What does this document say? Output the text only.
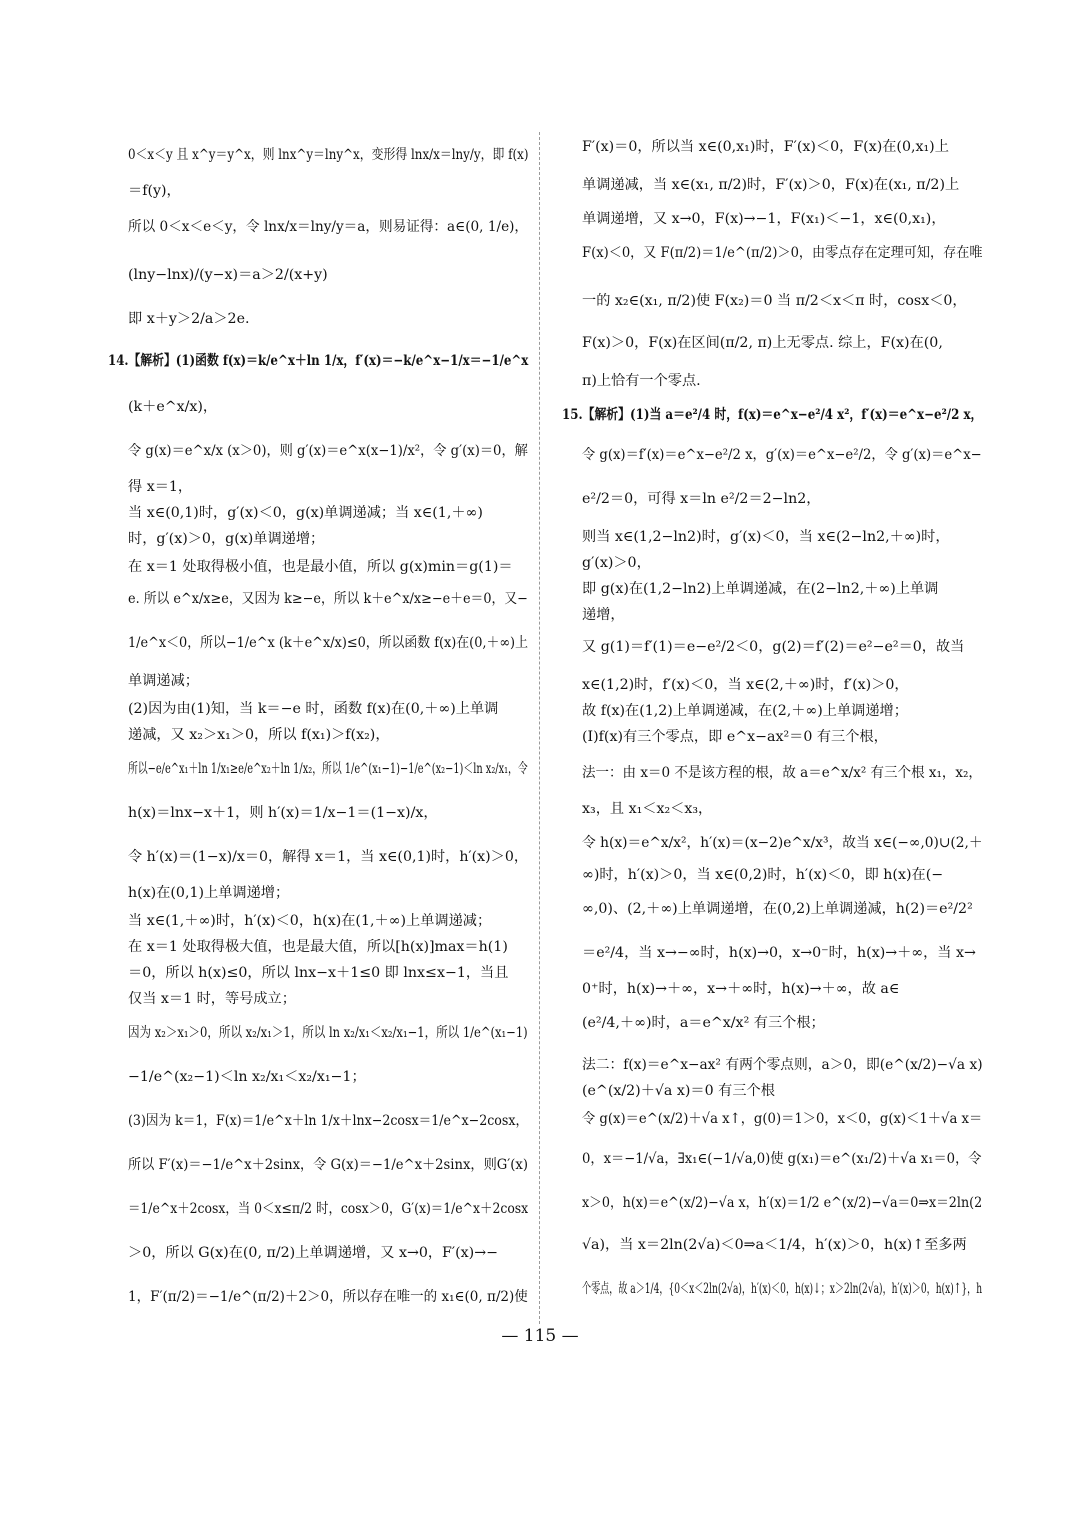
0＜x＜y 且 x^y＝y^x，则 lnx^y＝lny^x，变形得 lnx/x＝lny/y，即 f(x)
＝f(y)，
所以 0＜x＜e＜y，令 lnx/x＝lny/y＝a，则易证得：a∈(0, 1/e)，
(lny−lnx)/(y−x)＝a＞2/(x+y)
即 x＋y＞2/a＞2e.
14.【解析】(1)函数 f(x)＝k/e^x＋ln 1/x，f′(x)＝−k/e^x−1/x＝−1/e^x
(k＋e^x/x)，
令 g(x)＝e^x/x (x＞0)，则 g′(x)＝e^x(x−1)/x²，令 g′(x)＝0，解
得 x＝1，
当 x∈(0,1)时，g′(x)＜0，g(x)单调递减；当 x∈(1,＋∞)
时，g′(x)＞0，g(x)单调递增；
在 x＝1 处取得极小值，也是最小值，所以 g(x)min＝g(1)＝
e. 所以 e^x/x≥e，又因为 k≥−e，所以 k＋e^x/x≥−e＋e＝0，又−
1/e^x＜0，所以−1/e^x (k＋e^x/x)≤0，所以函数 f(x)在(0,＋∞)上
单调递减；
(2)因为由(1)知，当 k＝−e 时，函数 f(x)在(0,＋∞)上单调
递减，又 x₂＞x₁＞0，所以 f(x₁)＞f(x₂)，
所以−e/e^x₁＋ln 1/x₁≥e/e^x₂＋ln 1/x₂，所以 1/e^(x₁−1)−1/e^(x₂−1)＜ln x₂/x₁，令
h(x)＝lnx−x＋1，则 h′(x)＝1/x−1＝(1−x)/x，
令 h′(x)＝(1−x)/x＝0，解得 x＝1，当 x∈(0,1)时，h′(x)＞0，
h(x)在(0,1)上单调递增；
当 x∈(1,＋∞)时，h′(x)＜0，h(x)在(1,＋∞)上单调递减；
在 x＝1 处取得极大值，也是最大值，所以[h(x)]max＝h(1)
＝0，所以 h(x)≤0，所以 lnx−x＋1≤0 即 lnx≤x−1，当且
仅当 x＝1 时，等号成立；
因为 x₂＞x₁＞0，所以 x₂/x₁＞1，所以 ln x₂/x₁＜x₂/x₁−1，所以 1/e^(x₁−1)
−1/e^(x₂−1)＜ln x₂/x₁＜x₂/x₁−1；
(3)因为 k＝1，F(x)＝1/e^x＋ln 1/x＋lnx−2cosx＝1/e^x−2cosx，
所以 F′(x)＝−1/e^x＋2sinx，令 G(x)＝−1/e^x＋2sinx，则G′(x)
＝1/e^x＋2cosx，当 0＜x≤π/2 时，cosx＞0，G′(x)＝1/e^x＋2cosx
＞0，所以 G(x)在(0, π/2)上单调递增，又 x→0，F′(x)→−
1，F′(π/2)＝−1/e^(π/2)＋2＞0，所以存在唯一的 x₁∈(0, π/2)使
F′(x)＝0，所以当 x∈(0,x₁)时，F′(x)＜0，F(x)在(0,x₁)上
单调递减，当 x∈(x₁, π/2)时，F′(x)＞0，F(x)在(x₁, π/2)上
单调递增，又 x→0，F(x)→−1，F(x₁)＜−1，x∈(0,x₁)，
F(x)＜0，又 F(π/2)＝1/e^(π/2)＞0，由零点存在定理可知，存在唯
一的 x₂∈(x₁, π/2)使 F(x₂)＝0 当 π/2＜x＜π 时，cosx＜0，
F(x)＞0，F(x)在区间(π/2, π)上无零点. 综上，F(x)在(0,
π)上恰有一个零点.
15.【解析】(1)当 a＝e²/4 时，f(x)＝e^x−e²/4 x²，f′(x)＝e^x−e²/2 x，
令 g(x)＝f′(x)＝e^x−e²/2 x，g′(x)＝e^x−e²/2，令 g′(x)＝e^x−
e²/2＝0，可得 x＝ln e²/2＝2−ln2，
则当 x∈(1,2−ln2)时，g′(x)＜0，当 x∈(2−ln2,＋∞)时，
g′(x)＞0，
即 g(x)在(1,2−ln2)上单调递减，在(2−ln2,＋∞)上单调
递增，
又 g(1)＝f′(1)＝e−e²/2＜0，g(2)＝f′(2)＝e²−e²＝0，故当
x∈(1,2)时，f′(x)＜0，当 x∈(2,＋∞)时，f′(x)＞0，
故 f(x)在(1,2)上单调递减，在(2,＋∞)上单调递增；
(Ⅰ)f(x)有三个零点，即 e^x−ax²＝0 有三个根，
法一：由 x＝0 不是该方程的根，故 a＝e^x/x² 有三个根 x₁，x₂，
x₃，且 x₁＜x₂＜x₃，
令 h(x)＝e^x/x²，h′(x)＝(x−2)e^x/x³，故当 x∈(−∞,0)∪(2,＋
∞)时，h′(x)＞0，当 x∈(0,2)时，h′(x)＜0，即 h(x)在(−
∞,0)、(2,＋∞)上单调递增，在(0,2)上单调递减，h(2)＝e²/2²
＝e²/4，当 x→−∞时，h(x)→0，x→0⁻时，h(x)→＋∞，当 x→
0⁺时，h(x)→＋∞，x→＋∞时，h(x)→＋∞，故 a∈
(e²/4,＋∞)时，a＝e^x/x² 有三个根；
法二：f(x)＝e^x−ax² 有两个零点则，a＞0，即(e^(x/2)−√a x)
(e^(x/2)＋√a x)＝0 有三个根
令 g(x)＝e^(x/2)＋√a x↑，g(0)＝1＞0，x＜0，g(x)＜1＋√a x＝
0，x＝−1/√a，∃x₁∈(−1/√a,0)使 g(x₁)＝e^(x₁/2)＋√a x₁＝0，令
x＞0，h(x)＝e^(x/2)−√a x，h′(x)＝1/2 e^(x/2)−√a＝0⇒x＝2ln(2
√a)，当 x＝2ln(2√a)＜0⇒a＜1/4，h′(x)＞0，h(x)↑至多两
个零点，故 a＞1/4，{0＜x＜2ln(2√a)，h′(x)＜0，h(x)↓；x＞2ln(2√a)，h′(x)＞0，h(x)↑}，h
— 115 —
